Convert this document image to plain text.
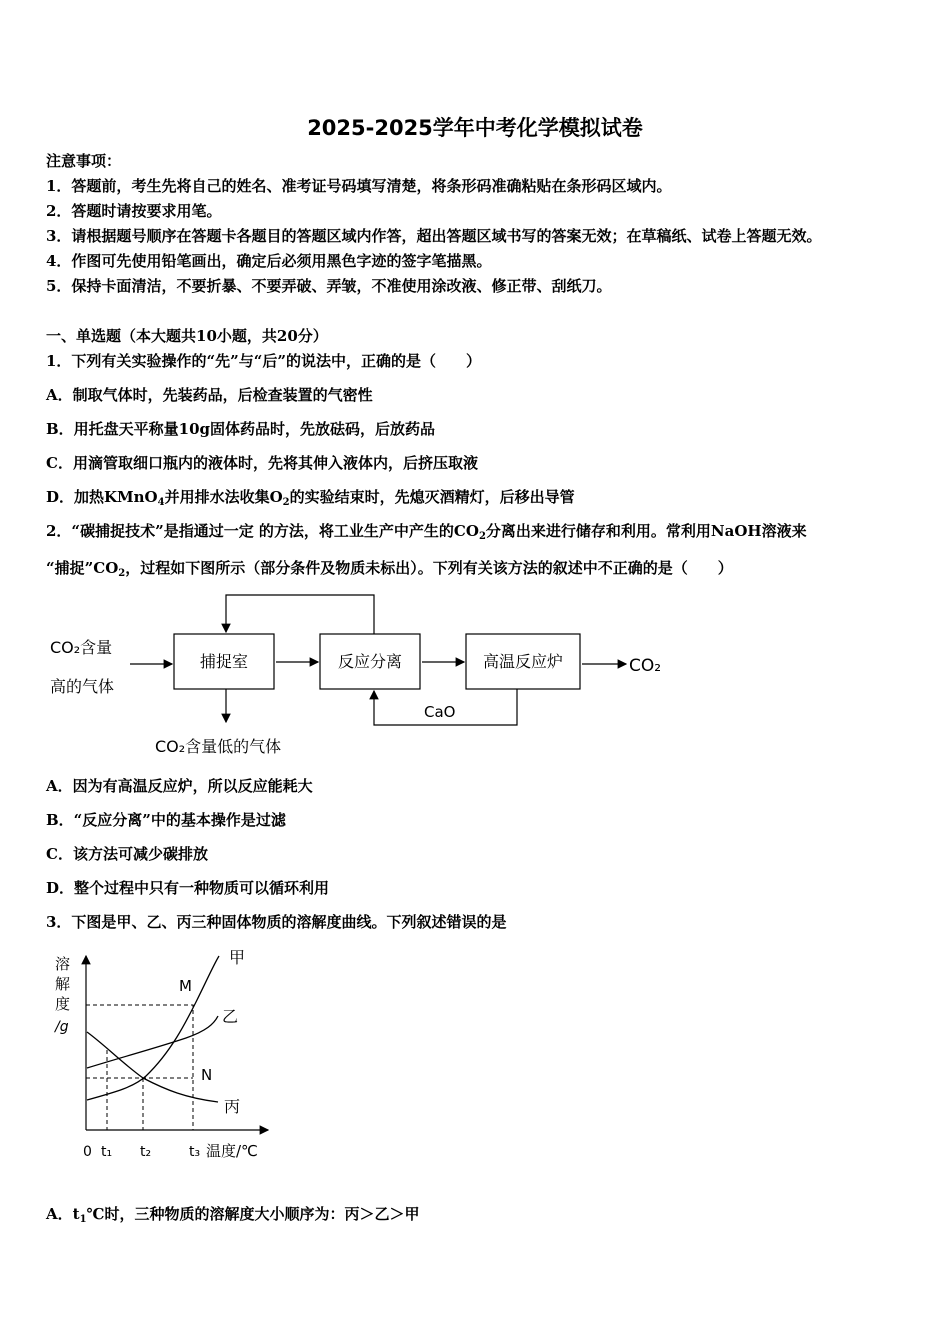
2025-2025学年中考化学模拟试卷
注意事项：
1．答题前，考生先将自己的姓名、准考证号码填写清楚，将条形码准确粘贴在条形码区域内。
2．答题时请按要求用笔。
3．请根据题号顺序在答题卡各题目的答题区域内作答，超出答题区域书写的答案无效；在草稿纸、试卷上答题无效。
4．作图可先使用铅笔画出，确定后必须用黑色字迹的签字笔描黑。
5．保持卡面清洁，不要折暴、不要弄破、弄皱，不准使用涂改液、修正带、刮纸刀。
一、单选题（本大题共10小题，共20分）
1．下列有关实验操作的“先”与“后”的说法中，正确的是（　　）
A．制取气体时，先装药品，后检查装置的气密性
B．用托盘天平称量10g固体药品时，先放砝码，后放药品
C．用滴管取细口瓶内的液体时，先将其伸入液体内，后挤压取液
D．加热KMnO$_4$并用排水法收集$O_2$的实验结束时，先熄灭酒精灯，后移出导管
2．“碳捕捉技术”是指通过一定 的方法，将工业生产中产生的$CO_2$分离出来进行储存和利用。常利用NaOH溶液来
“捕捉$”CO_2$，过程如下图所示（部分条件及物质未标出）。下列有关该方法的叙述中不正确的是（　　）
捕捉室	反应分离	高温反应炉
CO₂含量
高的气体
CO₂
CaO
CO₂含量低的气体
A．因为有高温反应炉，所以反应能耗大
B．“反应分离”中的基本操作是过滤
C．该方法可减少碳排放
D．整个过程中只有一种物质可以循环利用
3．下图是甲、乙、丙三种固体物质的溶解度曲线。下列叙述错误的是
溶
解
度
/g
甲
乙
丙
M
N
0 t₁ t₂	t₃ 温度/℃
A．$t_1℃$时，三种物质的溶解度大小顺序为：丙＞乙＞甲
